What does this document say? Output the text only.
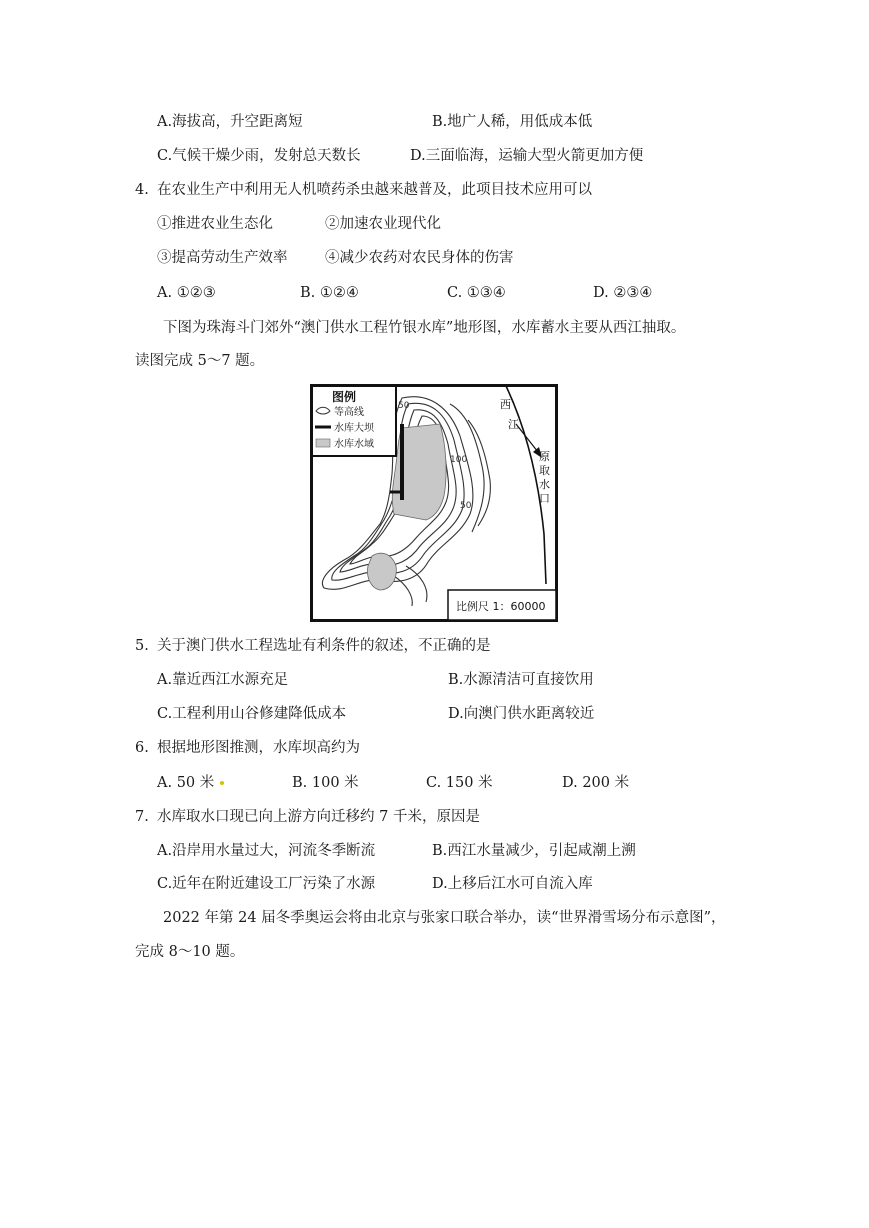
A.海拔高，升空距离短	B.地广人稀，用低成本低
C.气候干燥少雨，发射总天数长	D.三面临海，运输大型火箭更加方便
4. 在农业生产中利用无人机喷药杀虫越来越普及，此项目技术应用可以
①推进农业生态化	②加速农业现代化
③提高劳动生产效率	④减少农药对农民身体的伤害
A. ①②③	B. ①②④	C. ①③④	D. ②③④
下图为珠海斗门郊外“澳门供水工程竹银水库”地形图，水库蓄水主要从西江抽取。
读图完成 5～7 题。
50
100
50
西
江
原
取
水
口
图例
等高线
水库大坝
水库水域
比例尺 1：60000
5. 关于澳门供水工程选址有利条件的叙述，不正确的是
A.靠近西江水源充足	B.水源清洁可直接饮用
C.工程利用山谷修建降低成本	D.向澳门供水距离较近
6. 根据地形图推测，水库坝高约为
A. 50 米	B. 100 米	C. 150 米	D. 200 米
7. 水库取水口现已向上游方向迁移约 7 千米，原因是
A.沿岸用水量过大，河流冬季断流	B.西江水量减少，引起咸潮上溯
C.近年在附近建设工厂污染了水源	D.上移后江水可自流入库
2022 年第 24 届冬季奥运会将由北京与张家口联合举办，读“世界滑雪场分布示意图”，
完成 8～10 题。
